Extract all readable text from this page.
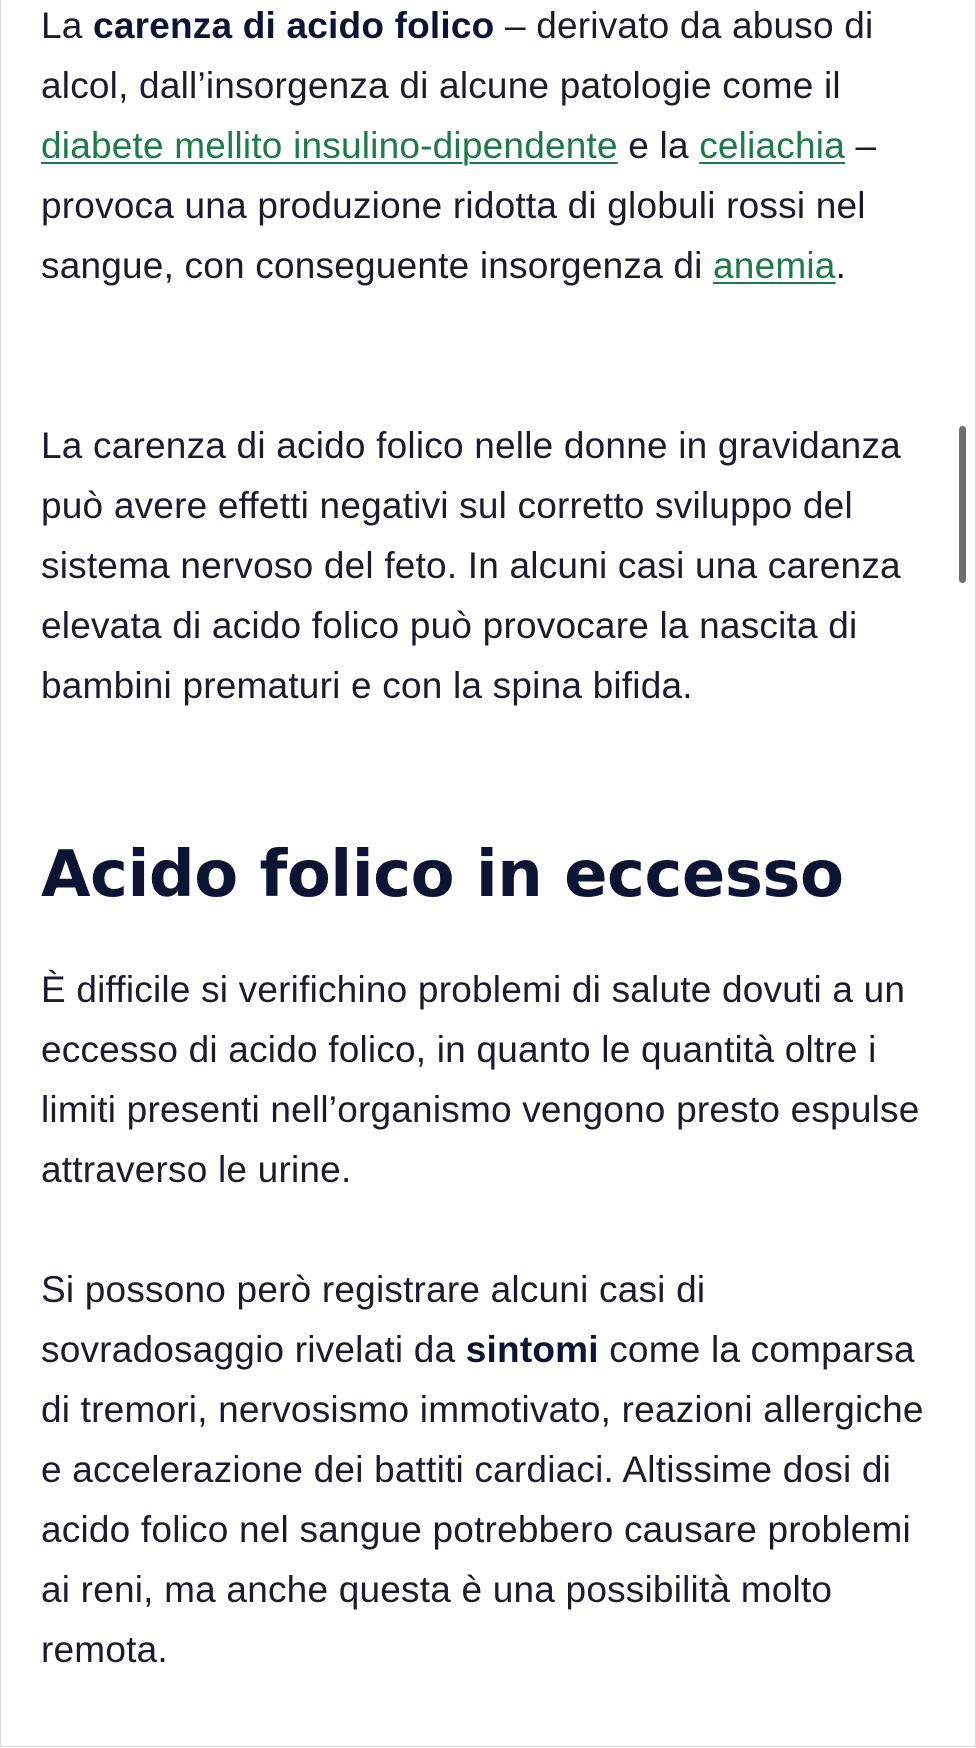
La carenza di acido folico – derivato da abuso di alcol, dall’insorgenza di alcune patologie come il diabete mellito insulino-dipendente e la celiachia – provoca una produzione ridotta di globuli rossi nel sangue, con conseguente insorgenza di anemia.

La carenza di acido folico nelle donne in gravidanza può avere effetti negativi sul corretto sviluppo del sistema nervoso del feto. In alcuni casi una carenza elevata di acido folico può provocare la nascita di bambini prematuri e con la spina bifida.

Acido folico in eccesso

È difficile si verifichino problemi di salute dovuti a un eccesso di acido folico, in quanto le quantità oltre i limiti presenti nell’organismo vengono presto espulse attraverso le urine.

Si possono però registrare alcuni casi di sovradosaggio rivelati da sintomi come la comparsa di tremori, nervosismo immotivato, reazioni allergiche e accelerazione dei battiti cardiaci. Altissime dosi di acido folico nel sangue potrebbero causare problemi ai reni, ma anche questa è una possibilità molto remota.
